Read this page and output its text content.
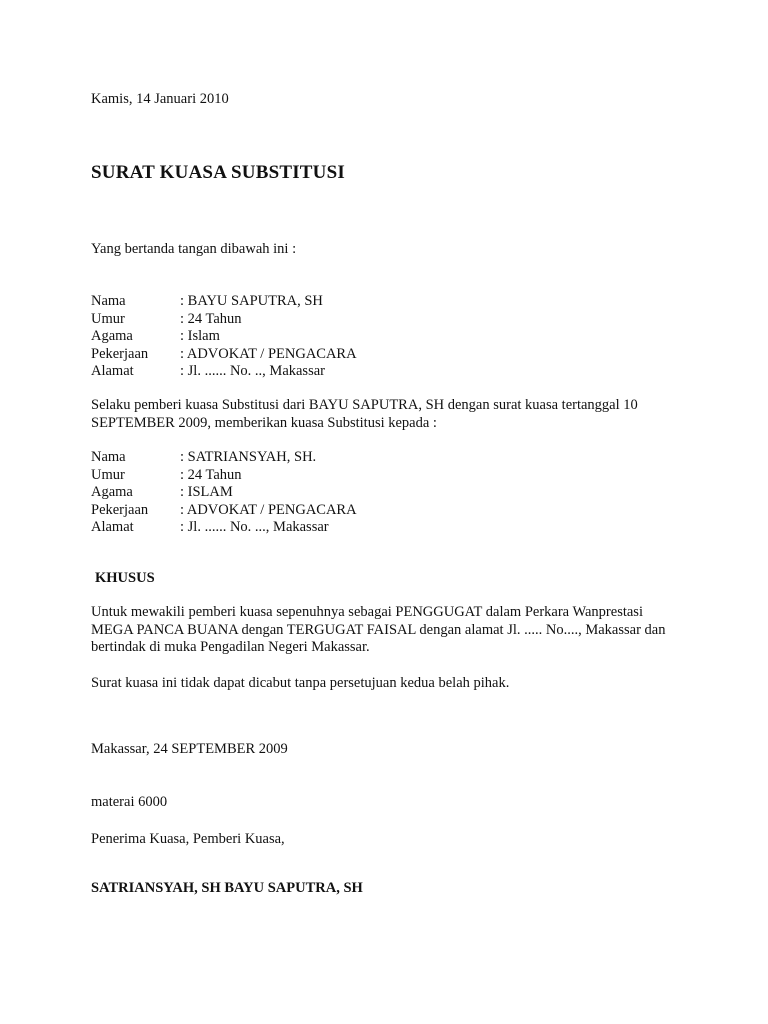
Kamis, 14 Januari 2010

SURAT KUASA SUBSTITUSI

Yang bertanda tangan dibawah ini :

Nama	: BAYU SAPUTRA, SH
Umur	: 24 Tahun
Agama	: Islam
Pekerjaan	: ADVOKAT / PENGACARA
Alamat	: Jl. ...... No. .., Makassar

Selaku pemberi kuasa Substitusi dari BAYU SAPUTRA, SH dengan surat kuasa tertanggal 10 SEPTEMBER 2009, memberikan kuasa Substitusi kepada :

Nama	: SATRIANSYAH, SH.
Umur	: 24 Tahun
Agama	: ISLAM
Pekerjaan	: ADVOKAT / PENGACARA
Alamat	: Jl. ...... No. ..., Makassar

KHUSUS

Untuk mewakili pemberi kuasa sepenuhnya sebagai PENGGUGAT dalam Perkara Wanprestasi MEGA PANCA BUANA dengan TERGUGAT FAISAL dengan alamat Jl. ..... No...., Makassar dan bertindak di muka Pengadilan Negeri Makassar.

Surat kuasa ini tidak dapat dicabut tanpa persetujuan kedua belah pihak.

Makassar, 24 SEPTEMBER 2009

materai 6000

Penerima Kuasa, Pemberi Kuasa,

SATRIANSYAH, SH BAYU SAPUTRA, SH
